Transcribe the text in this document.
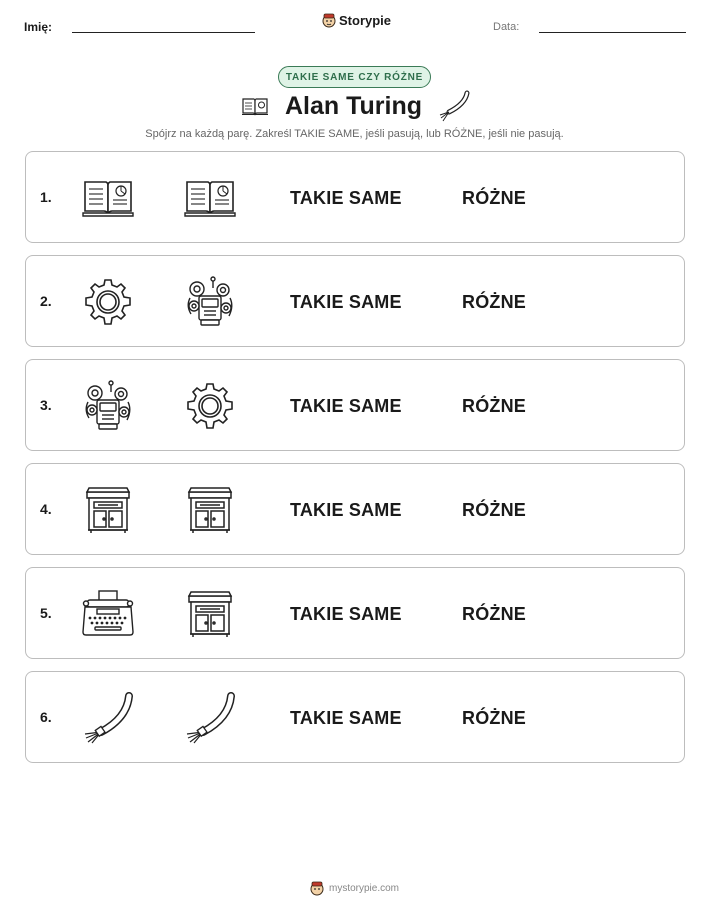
Imię:	Storypie	Data:
TAKIE SAME CZY RÓŻNE
Alan Turing
Spójrz na każdą parę. Zakreśl TAKIE SAME, jeśli pasują, lub RÓŻNE, jeśli nie pasują.
1.	TAKIE SAME	RÓŻNE
2.	TAKIE SAME	RÓŻNE
3.	TAKIE SAME	RÓŻNE
4.	TAKIE SAME	RÓŻNE
5.	TAKIE SAME	RÓŻNE
6.	TAKIE SAME	RÓŻNE
mystorypie.com
